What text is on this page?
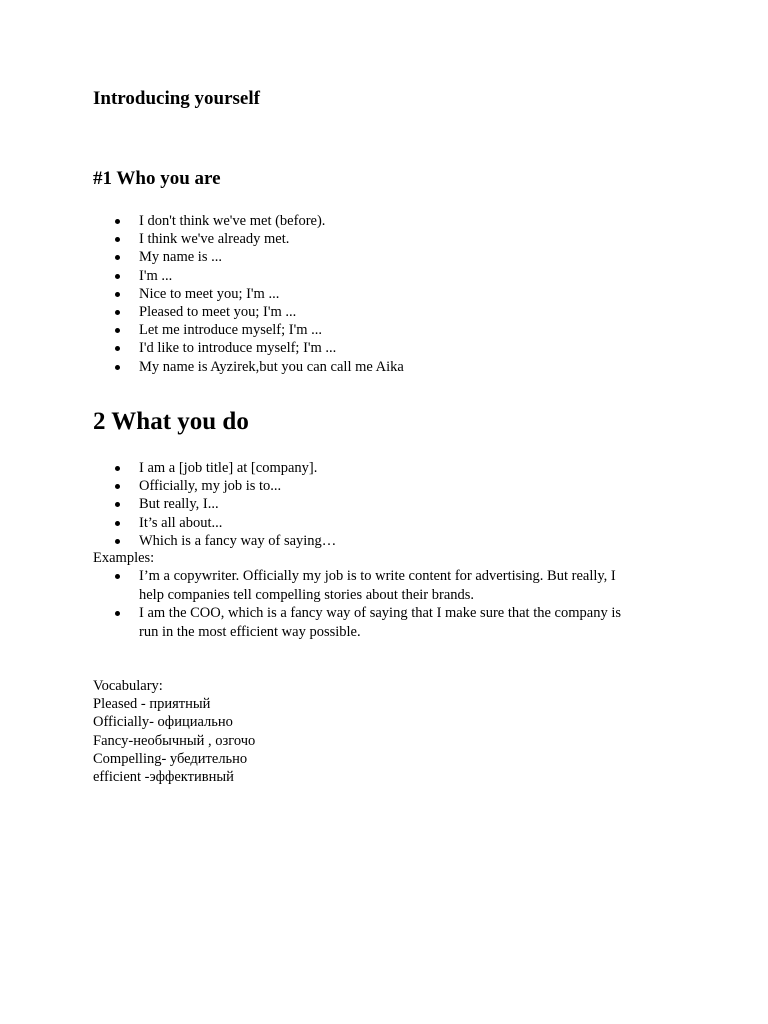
Introducing yourself
#1 Who you are
I don't think we've met (before).
I think we've already met.
My name is ...
I'm ...
Nice to meet you; I'm ...
Pleased to meet you; I'm ...
Let me introduce myself; I'm ...
I'd like to introduce myself; I'm ...
My name is Ayzirek,but you can call me Aika
2 What you do
I am a [job title] at [company].
Officially, my job is to...
But really, I...
It’s all about...
Which is a fancy way of saying…
Examples:
I’m a copywriter. Officially my job is to write content for advertising. But really, I help companies tell compelling stories about their brands.
I am the COO, which is a fancy way of saying that I make sure that the company is run in the most efficient way possible.
Vocabulary:
Pleased - приятный
Officially- официально
Fancy-необычный , озгочо
Compelling- убедительно
efficient -эффективный
